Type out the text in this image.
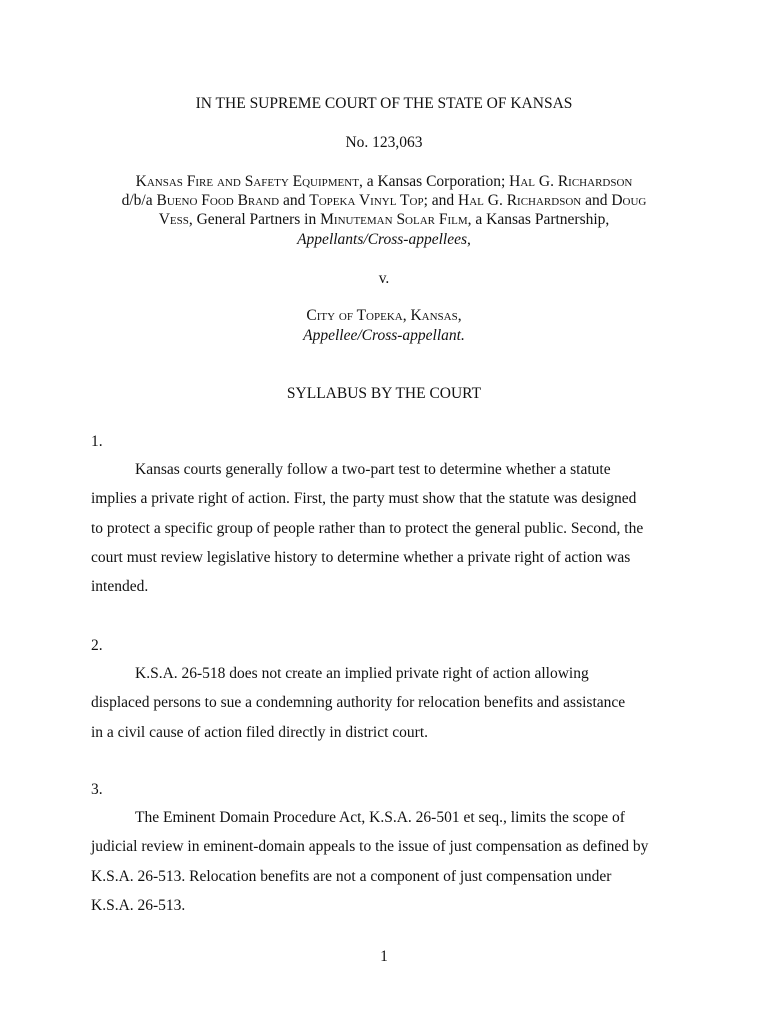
IN THE SUPREME COURT OF THE STATE OF KANSAS
No. 123,063
Kansas Fire and Safety Equipment, a Kansas Corporation; Hal G. Richardson
d/b/a Bueno Food Brand and Topeka Vinyl Top; and Hal G. Richardson and Doug
Vess, General Partners in Minuteman Solar Film, a Kansas Partnership,
Appellants/Cross-appellees,
v.
City of Topeka, Kansas,
Appellee/Cross-appellant.
SYLLABUS BY THE COURT
1.
Kansas courts generally follow a two-part test to determine whether a statute
implies a private right of action. First, the party must show that the statute was designed
to protect a specific group of people rather than to protect the general public. Second, the
court must review legislative history to determine whether a private right of action was
intended.
2.
K.S.A. 26-518 does not create an implied private right of action allowing
displaced persons to sue a condemning authority for relocation benefits and assistance
in a civil cause of action filed directly in district court.
3.
The Eminent Domain Procedure Act, K.S.A. 26-501 et seq., limits the scope of
judicial review in eminent-domain appeals to the issue of just compensation as defined by
K.S.A. 26-513. Relocation benefits are not a component of just compensation under
K.S.A. 26-513.
1
